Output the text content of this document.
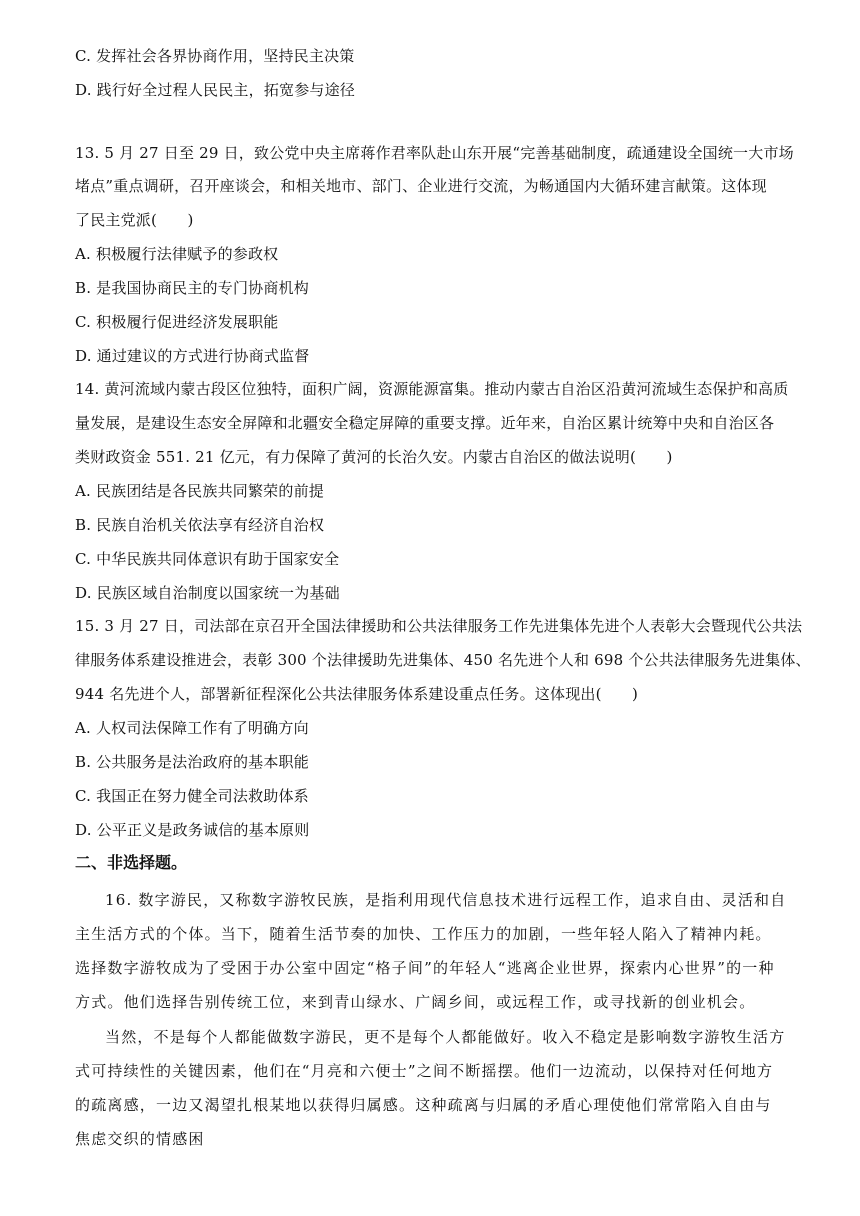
C. 发挥社会各界协商作用，坚持民主决策
D. 践行好全过程人民民主，拓宽参与途径
13. 5 月 27 日至 29 日，致公党中央主席蒋作君率队赴山东开展“完善基础制度，疏通建设全国统一大市场
堵点”重点调研，召开座谈会，和相关地市、部门、企业进行交流，为畅通国内大循环建言献策。这体现
了民主党派(　　)
A. 积极履行法律赋予的参政权
B. 是我国协商民主的专门协商机构
C. 积极履行促进经济发展职能
D. 通过建议的方式进行协商式监督
14. 黄河流域内蒙古段区位独特，面积广阔，资源能源富集。推动内蒙古自治区沿黄河流域生态保护和高质
量发展，是建设生态安全屏障和北疆安全稳定屏障的重要支撑。近年来，自治区累计统筹中央和自治区各
类财政资金 551. 21 亿元，有力保障了黄河的长治久安。内蒙古自治区的做法说明(　　)
A. 民族团结是各民族共同繁荣的前提
B. 民族自治机关依法享有经济自治权
C. 中华民族共同体意识有助于国家安全
D. 民族区域自治制度以国家统一为基础
15. 3 月 27 日，司法部在京召开全国法律援助和公共法律服务工作先进集体先进个人表彰大会暨现代公共法
律服务体系建设推进会，表彰 300 个法律援助先进集体、450 名先进个人和 698 个公共法律服务先进集体、
944 名先进个人，部署新征程深化公共法律服务体系建设重点任务。这体现出(　　)
A. 人权司法保障工作有了明确方向
B. 公共服务是法治政府的基本职能
C. 我国正在努力健全司法救助体系
D. 公平正义是政务诚信的基本原则
二、非选择题。
16. 数字游民，又称数字游牧民族，是指利用现代信息技术进行远程工作，追求自由、灵活和自主生活方式的个体。当下，随着生活节奏的加快、工作压力的加剧，一些年轻人陷入了精神内耗。选择数字游牧成为了受困于办公室中固定“格子间”的年轻人“逃离企业世界，探索内心世界”的一种方式。他们选择告别传统工位，来到青山绿水、广阔乡间，或远程工作，或寻找新的创业机会。
当然，不是每个人都能做数字游民，更不是每个人都能做好。收入不稳定是影响数字游牧生活方式可持续性的关键因素，他们在“月亮和六便士”之间不断摇摆。他们一边流动，以保持对任何地方的疏离感，一边又渴望扎根某地以获得归属感。这种疏离与归属的矛盾心理使他们常常陷入自由与焦虑交织的情感困
